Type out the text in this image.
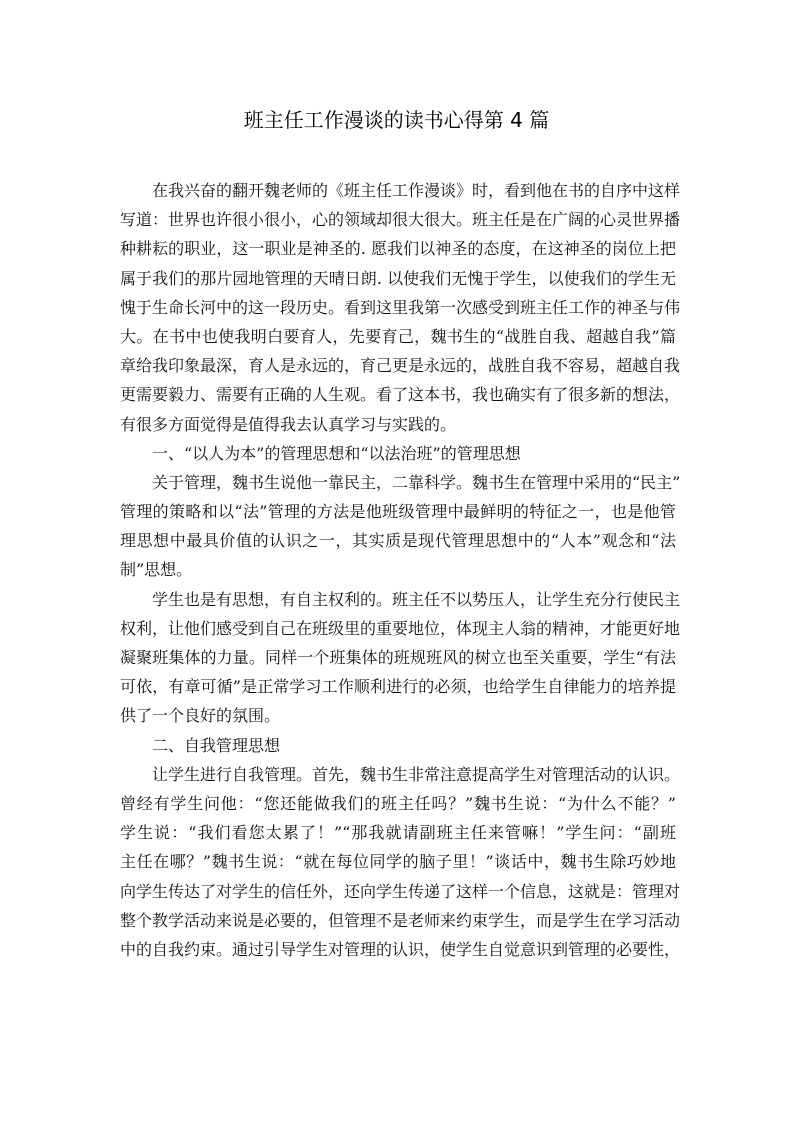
班主任工作漫谈的读书心得第 4 篇
在我兴奋的翻开魏老师的《班主任工作漫谈》时，看到他在书的自序中这样
写道：世界也许很小很小，心的领域却很大很大。班主任是在广阔的心灵世界播
种耕耘的职业，这一职业是神圣的. 愿我们以神圣的态度，在这神圣的岗位上把
属于我们的那片园地管理的天晴日朗. 以使我们无愧于学生，以使我们的学生无
愧于生命长河中的这一段历史。看到这里我第一次感受到班主任工作的神圣与伟
大。在书中也使我明白要育人，先要育己，魏书生的“战胜自我、超越自我”篇
章给我印象最深，育人是永远的，育己更是永远的，战胜自我不容易，超越自我
更需要毅力、需要有正确的人生观。看了这本书，我也确实有了很多新的想法，
有很多方面觉得是值得我去认真学习与实践的。
一、“以人为本”的管理思想和“以法治班”的管理思想
关于管理，魏书生说他一靠民主，二靠科学。魏书生在管理中采用的“民主”
管理的策略和以“法”管理的方法是他班级管理中最鲜明的特征之一，也是他管
理思想中最具价值的认识之一，其实质是现代管理思想中的“人本”观念和“法
制”思想。
学生也是有思想，有自主权利的。班主任不以势压人，让学生充分行使民主
权利，让他们感受到自己在班级里的重要地位，体现主人翁的精神，才能更好地
凝聚班集体的力量。同样一个班集体的班规班风的树立也至关重要，学生“有法
可依，有章可循”是正常学习工作顺利进行的必须，也给学生自律能力的培养提
供了一个良好的氛围。
二、自我管理思想
让学生进行自我管理。首先，魏书生非常注意提高学生对管理活动的认识。
曾经有学生问他：“您还能做我们的班主任吗？”魏书生说：“为什么不能？”
学生说：“我们看您太累了！”“那我就请副班主任来管嘛！”学生问：“副班
主任在哪？”魏书生说：“就在每位同学的脑子里！”谈话中，魏书生除巧妙地
向学生传达了对学生的信任外，还向学生传递了这样一个信息，这就是：管理对
整个教学活动来说是必要的，但管理不是老师来约束学生，而是学生在学习活动
中的自我约束。通过引导学生对管理的认识，使学生自觉意识到管理的必要性，
